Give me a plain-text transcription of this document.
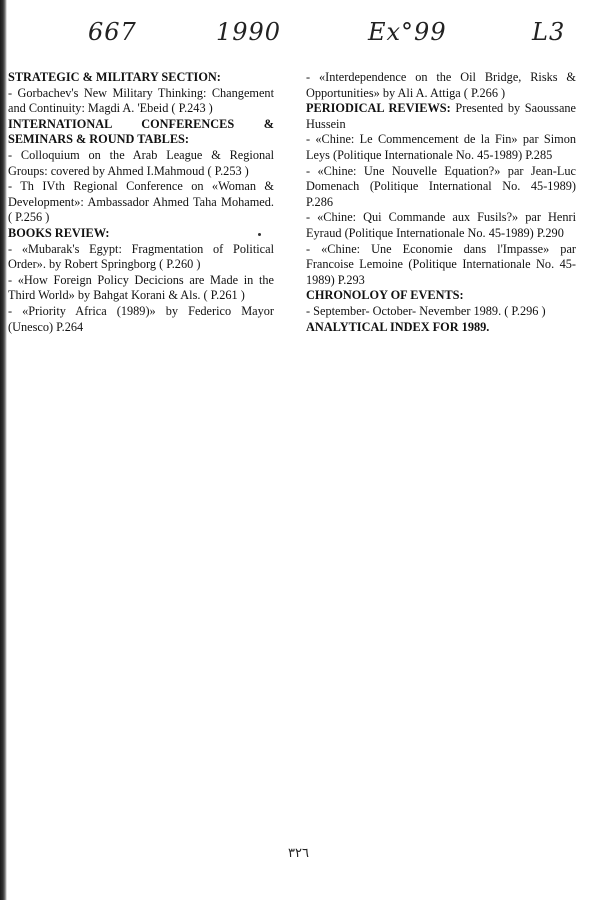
667	1990	Ex°99	L3

STRATEGIC & MILITARY SECTION:

- Gorbachev's New Military Thinking: Changement and Continuity: Magdi A. 'Ebeid ( P.243 )

INTERNATIONAL CONFERENCES & SEMINARS & ROUND TABLES:

- Colloquium on the Arab League & Regional Groups: covered by Ahmed I.Mahmoud ( P.253 )

- Th IVth Regional Conference on «Woman & Development»: Ambassador Ahmed Taha Mohamed. ( P.256 )

BOOKS REVIEW:

- «Mubarak's Egypt: Fragmentation of Political Order». by Robert Springborg ( P.260 )

- «How Foreign Policy Decicions are Made in the Third World» by Bahgat Korani & Als. ( P.261 )

- «Priority Africa (1989)» by Federico Mayor (Unesco) P.264

- «Interdependence on the Oil Bridge, Risks & Opportunities» by Ali A. Attiga ( P.266 )

PERIODICAL REVIEWS: Presented by Saoussane Hussein

- «Chine: Le Commencement de la Fin» par Simon Leys (Politique Internationale No. 45-1989) P.285

- «Chine: Une Nouvelle Equation?» par Jean-Luc Domenach (Politique International No. 45-1989) P.286

- «Chine: Qui Commande aux Fusils?» par Henri Eyraud (Politique Internationale No. 45-1989) P.290

- «Chine: Une Economie dans l'Impasse» par Francoise Lemoine (Politique Internationale No. 45-1989) P.293

CHRONOLOY OF EVENTS:

- September- October- Nevember 1989. ( P.296 )

ANALYTICAL INDEX FOR 1989.

٣٢٦
